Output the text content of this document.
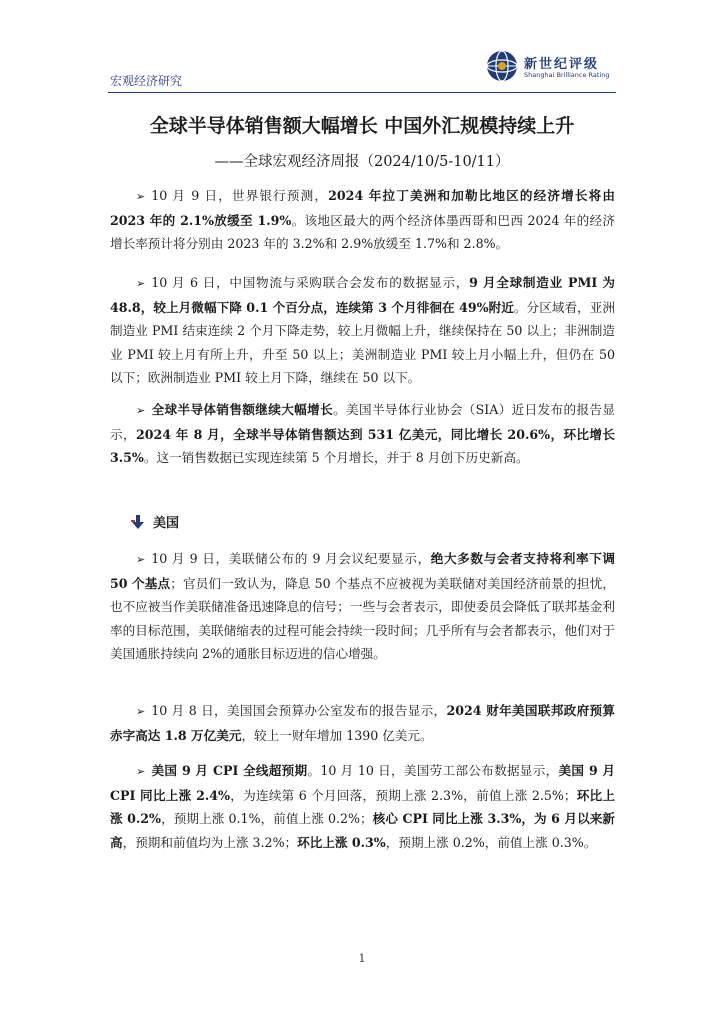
宏观经济研究
新世纪评级
Shanghai Brilliance Rating
全球半导体销售额大幅增长 中国外汇规模持续上升
——全球宏观经济周报（2024/10/5-10/11）
➢ 10 月 9 日，世界银行预测，2024 年拉丁美洲和加勒比地区的经济增长将由 2023 年的 2.1%放缓至 1.9%。该地区最大的两个经济体墨西哥和巴西 2024 年的经济增长率预计将分别由 2023 年的 3.2%和 2.9%放缓至 1.7%和 2.8%。
➢ 10 月 6 日，中国物流与采购联合会发布的数据显示，9 月全球制造业 PMI 为 48.8，较上月微幅下降 0.1 个百分点，连续第 3 个月徘徊在 49%附近。分区域看，亚洲制造业 PMI 结束连续 2 个月下降走势，较上月微幅上升，继续保持在 50 以上；非洲制造业 PMI 较上月有所上升，升至 50 以上；美洲制造业 PMI 较上月小幅上升，但仍在 50 以下；欧洲制造业 PMI 较上月下降，继续在 50 以下。
➢ 全球半导体销售额继续大幅增长。美国半导体行业协会（SIA）近日发布的报告显示，2024 年 8 月，全球半导体销售额达到 531 亿美元，同比增长 20.6%，环比增长 3.5%。这一销售数据已实现连续第 5 个月增长，并于 8 月创下历史新高。
美国
➢ 10 月 9 日，美联储公布的 9 月会议纪要显示，绝大多数与会者支持将利率下调 50 个基点；官员们一致认为，降息 50 个基点不应被视为美联储对美国经济前景的担忧，也不应被当作美联储准备迅速降息的信号；一些与会者表示，即使委员会降低了联邦基金利率的目标范围，美联储缩表的过程可能会持续一段时间；几乎所有与会者都表示，他们对于美国通胀持续向 2%的通胀目标迈进的信心增强。
➢ 10 月 8 日，美国国会预算办公室发布的报告显示，2024 财年美国联邦政府预算赤字高达 1.8 万亿美元，较上一财年增加 1390 亿美元。
➢ 美国 9 月 CPI 全线超预期。10 月 10 日，美国劳工部公布数据显示，美国 9 月 CPI 同比上涨 2.4%，为连续第 6 个月回落，预期上涨 2.3%，前值上涨 2.5%；环比上涨 0.2%，预期上涨 0.1%，前值上涨 0.2%；核心 CPI 同比上涨 3.3%，为 6 月以来新高，预期和前值均为上涨 3.2%；环比上涨 0.3%，预期上涨 0.2%，前值上涨 0.3%。
1
